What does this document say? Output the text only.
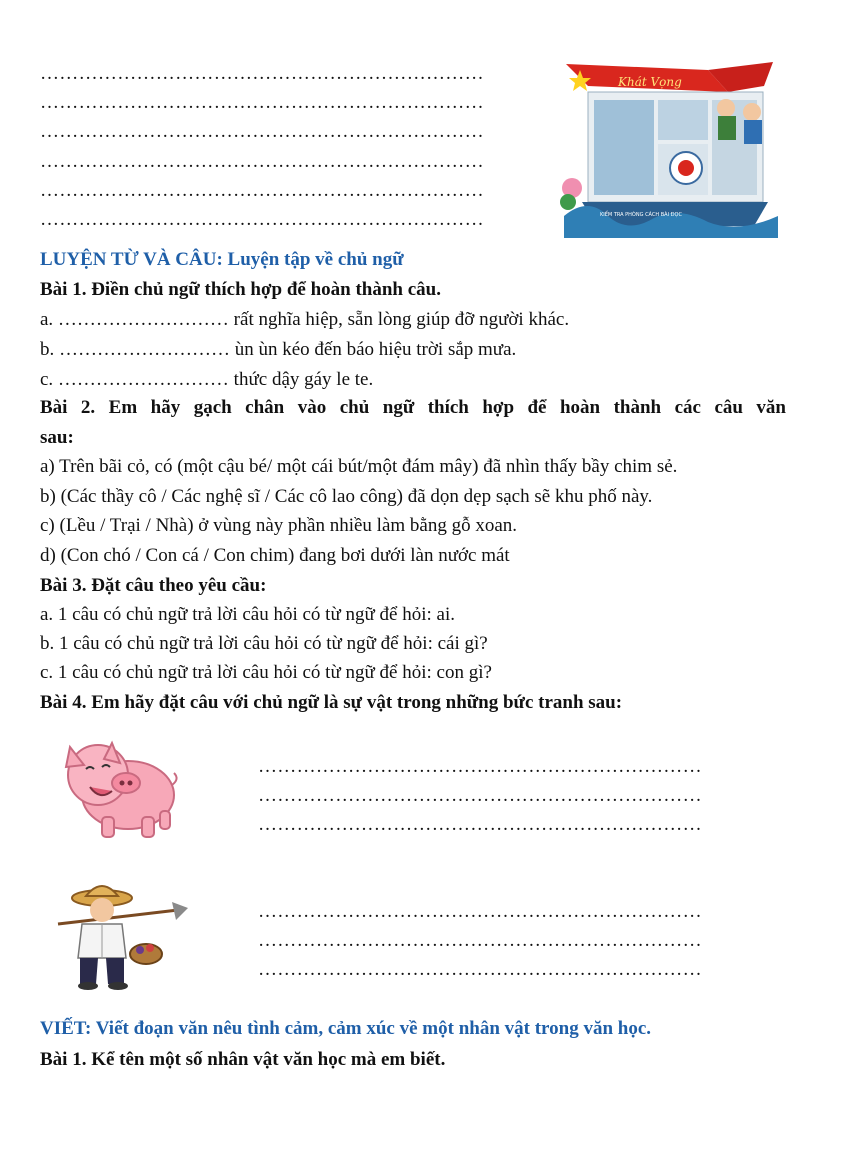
……………………………………………………………
……………………………………………………………
……………………………………………………………
……………………………………………………………
……………………………………………………………
……………………………………………………………
Khát Vọng
KIỂM TRA PHÒNG CÁCH BÀI ĐỌC
LUYỆN TỪ VÀ CÂU: Luyện tập về chủ ngữ
Bài 1. Điền chủ ngữ thích hợp để hoàn thành câu.
a. ……………………… rất nghĩa hiệp, sẵn lòng giúp đỡ người khác.
b. ……………………… ùn ùn kéo đến báo hiệu trời sắp mưa.
c. ……………………… thức dậy gáy le te.
Bài 2. Em hãy gạch chân vào chủ ngữ thích hợp để hoàn thành các câu văn
sau:
a) Trên bãi cỏ, có (một cậu bé/ một cái bút/một đám mây) đã nhìn thấy bầy chim sẻ.
b) (Các thầy cô / Các nghệ sĩ / Các cô lao công) đã dọn dẹp sạch sẽ khu phố này.
c) (Lều / Trại / Nhà) ở vùng này phần nhiều làm bằng gỗ xoan.
d) (Con chó / Con cá / Con chim) đang bơi dưới làn nước mát
Bài 3. Đặt câu theo yêu cầu:
a. 1 câu có chủ ngữ trả lời câu hỏi có từ ngữ để hỏi: ai.
b. 1 câu có chủ ngữ trả lời câu hỏi có từ ngữ để hỏi: cái gì?
c. 1 câu có chủ ngữ trả lời câu hỏi có từ ngữ để hỏi: con gì?
Bài 4. Em hãy đặt câu với chủ ngữ là sự vật trong những bức tranh sau:
……………………………………………………………
……………………………………………………………
……………………………………………………………
……………………………………………………………
……………………………………………………………
……………………………………………………………
VIẾT: Viết đoạn văn nêu tình cảm, cảm xúc về một nhân vật trong văn học.
Bài 1. Kể tên một số nhân vật văn học mà em biết.
